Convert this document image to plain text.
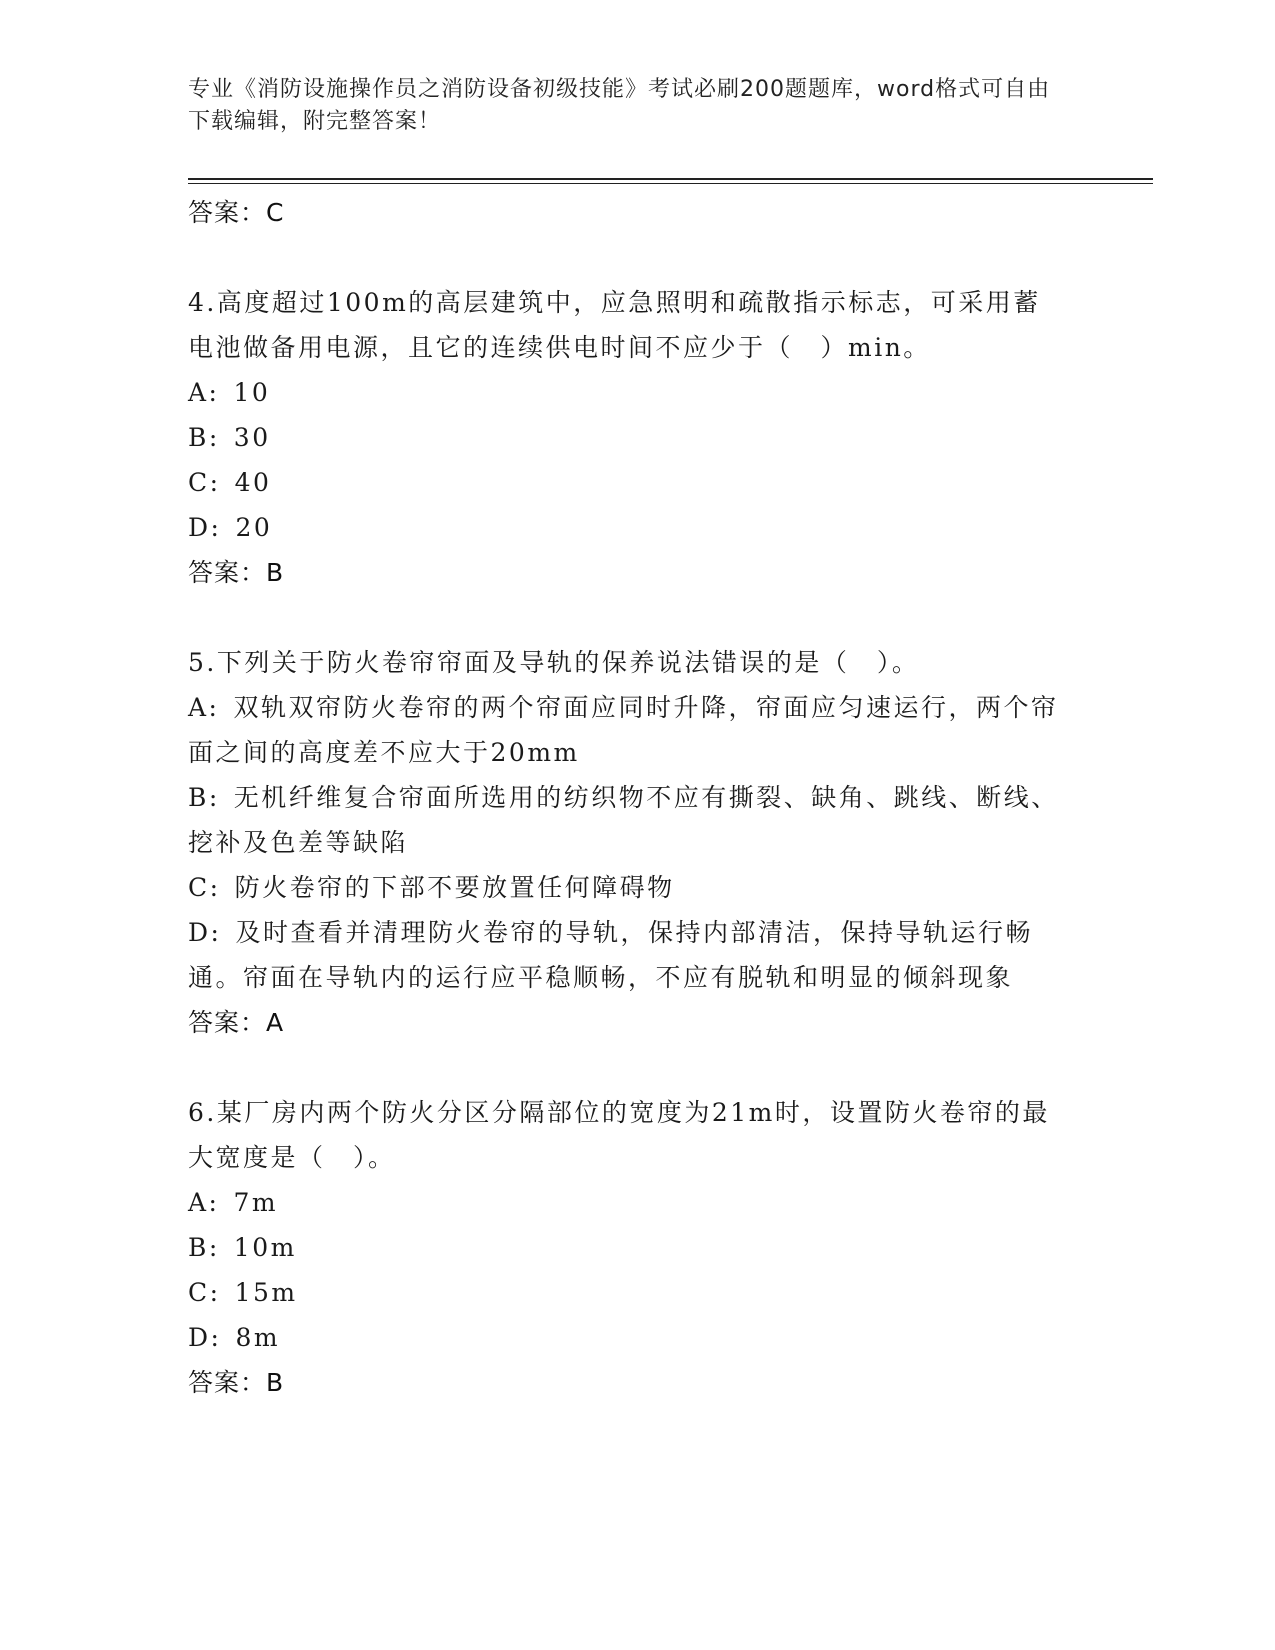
专业《消防设施操作员之消防设备初级技能》考试必刷200题题库，word格式可自由下载编辑，附完整答案！
答案：C
4.高度超过100m的高层建筑中，应急照明和疏散指示标志，可采用蓄电池做备用电源，且它的连续供电时间不应少于（　）min。
A: 10
B: 30
C: 40
D: 20
答案：B
5.下列关于防火卷帘帘面及导轨的保养说法错误的是（　）。
A: 双轨双帘防火卷帘的两个帘面应同时升降，帘面应匀速运行，两个帘面之间的高度差不应大于20mm
B: 无机纤维复合帘面所选用的纺织物不应有撕裂、缺角、跳线、断线、挖补及色差等缺陷
C: 防火卷帘的下部不要放置任何障碍物
D: 及时查看并清理防火卷帘的导轨，保持内部清洁，保持导轨运行畅通。帘面在导轨内的运行应平稳顺畅，不应有脱轨和明显的倾斜现象
答案：A
6.某厂房内两个防火分区分隔部位的宽度为21m时，设置防火卷帘的最大宽度是（　）。
A: 7m
B: 10m
C: 15m
D: 8m
答案：B
